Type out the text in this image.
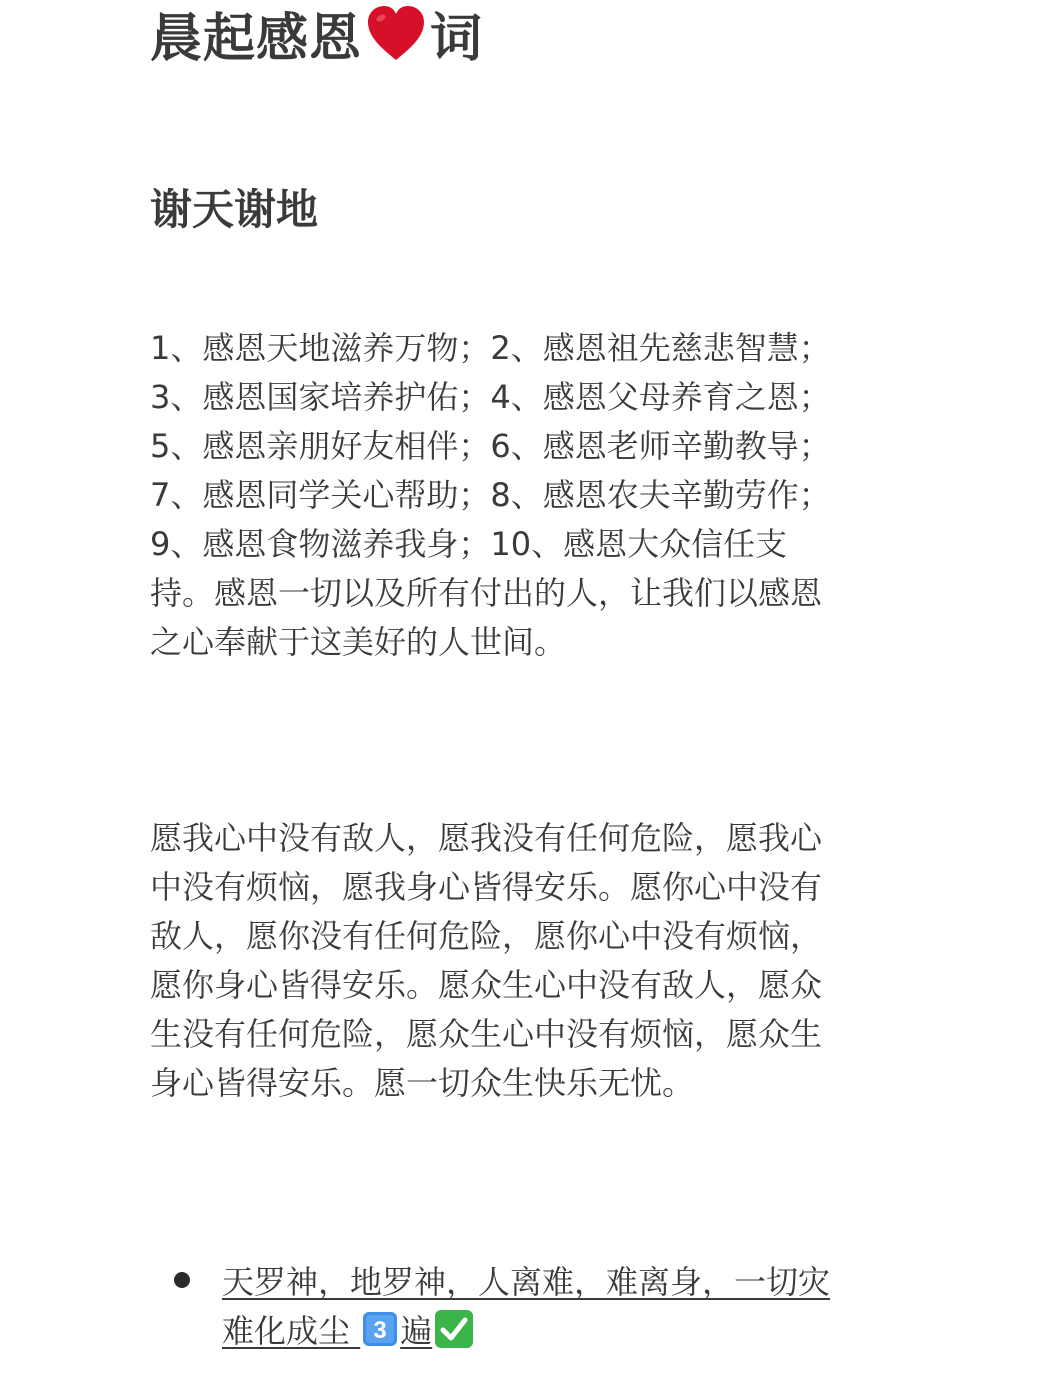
晨起感恩 词
谢天谢地

1、感恩天地滋养万物；2、感恩祖先慈悲智慧；
3、感恩国家培养护佑；4、感恩父母养育之恩；
5、感恩亲朋好友相伴；6、感恩老师辛勤教导；
7、感恩同学关心帮助；8、感恩农夫辛勤劳作；
9、感恩食物滋养我身；10、感恩大众信任支
持。感恩一切以及所有付出的人，让我们以感恩
之心奉献于这美好的人世间。

愿我心中没有敌人，愿我没有任何危险，愿我心
中没有烦恼，愿我身心皆得安乐。愿你心中没有
敌人，愿你没有任何危险，愿你心中没有烦恼，
愿你身心皆得安乐。愿众生心中没有敌人，愿众
生没有任何危险，愿众生心中没有烦恼，愿众生
身心皆得安乐。愿一切众生快乐无忧。

天罗神，地罗神，人离难，难离身，一切灾
难化成尘 3 遍
